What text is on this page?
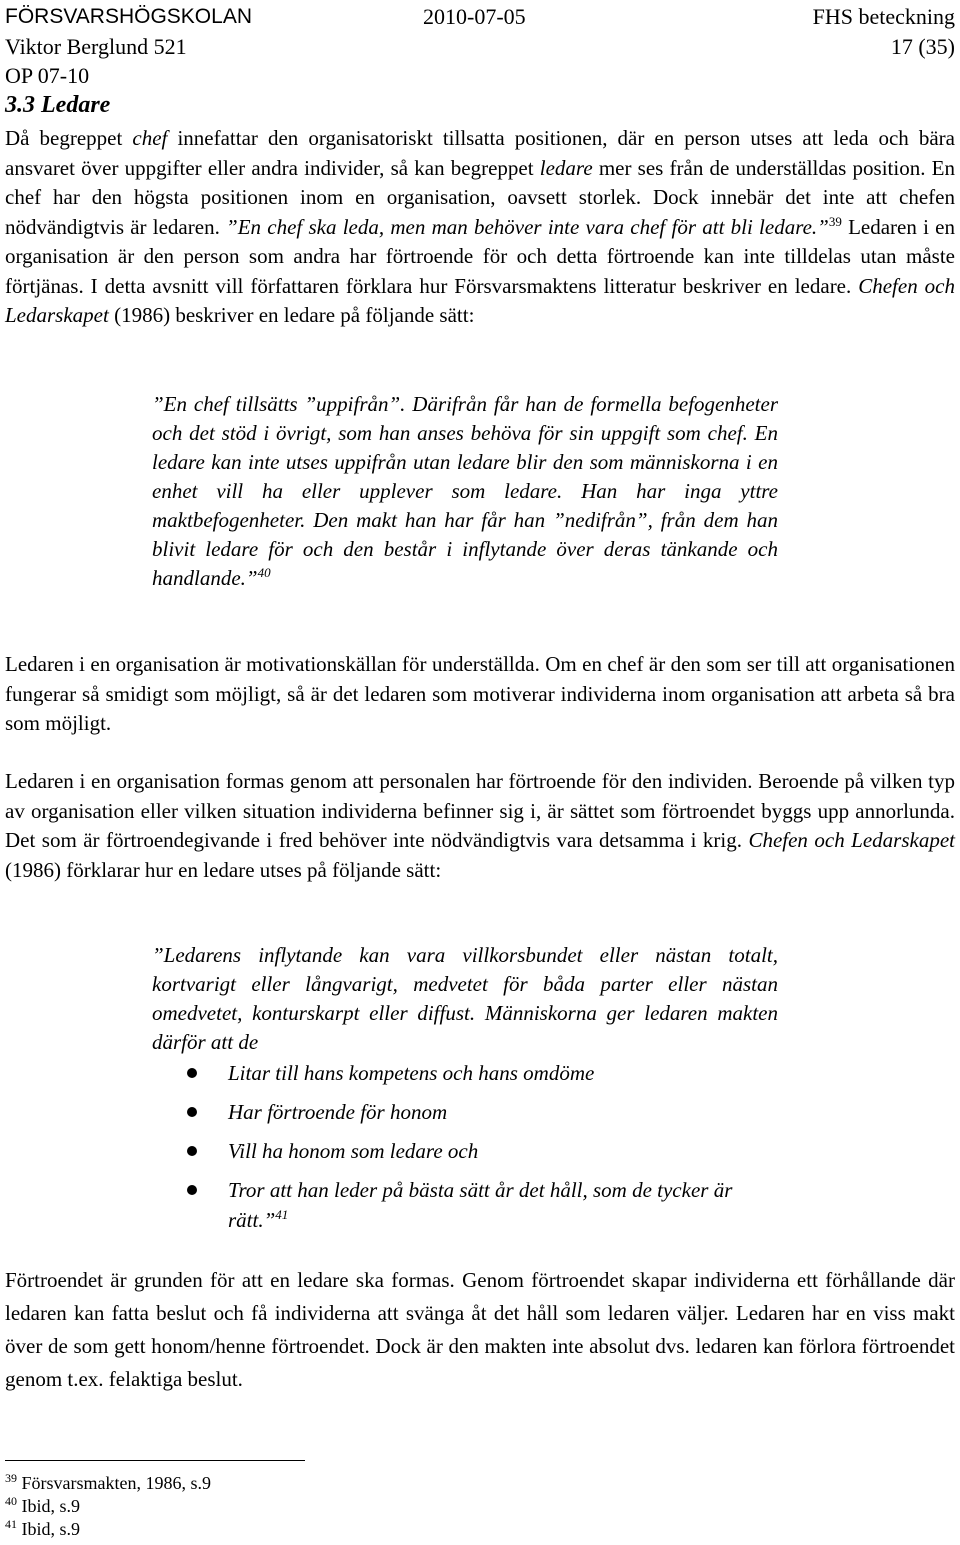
FÖRSVARSHÖGSKOLAN	2010-07-05	FHS beteckning
Viktor Berglund 521	17 (35)
OP 07-10
3.3 Ledare
Då begreppet chef innefattar den organisatoriskt tillsatta positionen, där en person utses att leda och bära ansvaret över uppgifter eller andra individer, så kan begreppet ledare mer ses från de underställdas position. En chef har den högsta positionen inom en organisation, oavsett storlek. Dock innebär det inte att chefen nödvändigtvis är ledaren. ”En chef ska leda, men man behöver inte vara chef för att bli ledare.”$^{39}$ Ledaren i en organisation är den person som andra har förtroende för och detta förtroende kan inte tilldelas utan måste förtjänas. I detta avsnitt vill författaren förklara hur Försvarsmaktens litteratur beskriver en ledare. Chefen och Ledarskapet (1986) beskriver en ledare på följande sätt:
”En chef tillsätts ”uppifrån”. Därifrån får han de formella befogenheter och det stöd i övrigt, som han anses behöva för sin uppgift som chef. En ledare kan inte utses uppifrån utan ledare blir den som människorna i en enhet vill ha eller upplever som ledare. Han har inga yttre maktbefogenheter. Den makt han har får han ”nedifrån”, från dem han blivit ledare för och den består i inflytande över deras tänkande och handlande.”$^{40}$
Ledaren i en organisation är motivationskällan för underställda. Om en chef är den som ser till att organisationen fungerar så smidigt som möjligt, så är det ledaren som motiverar individerna inom organisation att arbeta så bra som möjligt.
Ledaren i en organisation formas genom att personalen har förtroende för den individen. Beroende på vilken typ av organisation eller vilken situation individerna befinner sig i, är sättet som förtroendet byggs upp annorlunda. Det som är förtroendegivande i fred behöver inte nödvändigtvis vara detsamma i krig. Chefen och Ledarskapet (1986) förklarar hur en ledare utses på följande sätt:
”Ledarens inflytande kan vara villkorsbundet eller nästan totalt, kortvarigt eller långvarigt, medvetet för båda parter eller nästan omedvetet, konturskarpt eller diffust. Människorna ger ledaren makten därför att de
Litar till hans kompetens och hans omdöme
Har förtroende för honom
Vill ha honom som ledare och
Tror att han leder på bästa sätt år det håll, som de tycker är rätt.”$^{41}$
Förtroendet är grunden för att en ledare ska formas. Genom förtroendet skapar individerna ett förhållande där ledaren kan fatta beslut och få individerna att svänga åt det håll som ledaren väljer. Ledaren har en viss makt över de som gett honom/henne förtroendet. Dock är den makten inte absolut dvs. ledaren kan förlora förtroendet genom t.ex. felaktiga beslut.
$^{39}$ Försvarsmakten, 1986, s.9
$^{40}$ Ibid, s.9
$^{41}$ Ibid, s.9
